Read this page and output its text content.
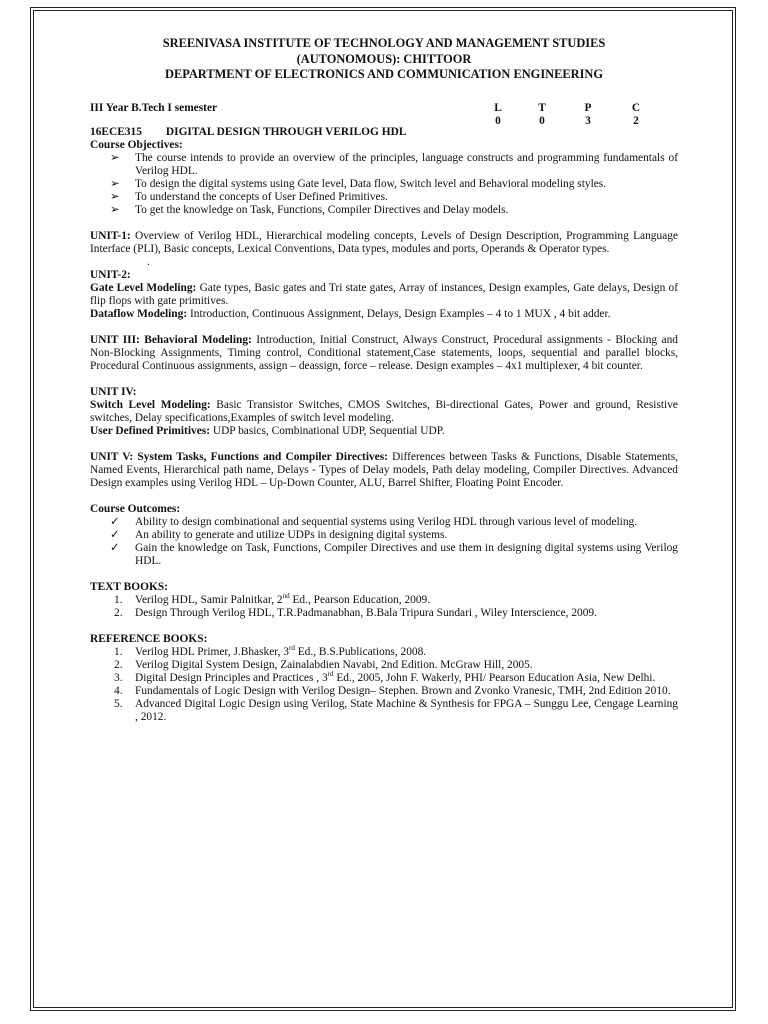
SREENIVASA INSTITUTE OF TECHNOLOGY AND MANAGEMENT STUDIES
(AUTONOMOUS): CHITTOOR
DEPARTMENT OF ELECTRONICS AND COMMUNICATION ENGINEERING
III Year B.Tech I semester	L
0
T
0
P
3
C
2
16ECE315 DIGITAL DESIGN THROUGH VERILOG HDL
Course Objectives:
➢ The course intends to provide an overview of the principles, language constructs and programming fundamentals of Verilog HDL.
➢ To design the digital systems using Gate level, Data flow, Switch level and Behavioral modeling styles.
➢ To understand the concepts of User Defined Primitives.
➢ To get the knowledge on Task, Functions, Compiler Directives and Delay models.
UNIT-1: Overview of Verilog HDL, Hierarchical modeling concepts, Levels of Design Description, Programming Language Interface (PLI), Basic concepts, Lexical Conventions, Data types, modules and ports, Operands & Operator types.
.
UNIT-2:
Gate Level Modeling: Gate types, Basic gates and Tri state gates, Array of instances, Design examples, Gate delays, Design of flip flops with gate primitives.
Dataflow Modeling: Introduction, Continuous Assignment, Delays, Design Examples – 4 to 1 MUX , 4 bit adder.
UNIT III: Behavioral Modeling: Introduction, Initial Construct, Always Construct, Procedural assignments - Blocking and Non-Blocking Assignments, Timing control, Conditional statement,Case statements, loops, sequential and parallel blocks, Procedural Continuous assignments, assign – deassign, force – release. Design examples – 4x1 multiplexer, 4 bit counter.
UNIT IV:
Switch Level Modeling: Basic Transistor Switches, CMOS Switches, Bi-directional Gates, Power and ground, Resistive switches, Delay specifications,Examples of switch level modeling.
User Defined Primitives: UDP basics, Combinational UDP, Sequential UDP.
UNIT V: System Tasks, Functions and Compiler Directives: Differences between Tasks & Functions, Disable Statements, Named Events, Hierarchical path name, Delays - Types of Delay models, Path delay modeling, Compiler Directives. Advanced Design examples using Verilog HDL – Up-Down Counter, ALU, Barrel Shifter, Floating Point Encoder.
Course Outcomes:
✓ Ability to design combinational and sequential systems using Verilog HDL through various level of modeling.
✓ An ability to generate and utilize UDPs in designing digital systems.
✓ Gain the knowledge on Task, Functions, Compiler Directives and use them in designing digital systems using Verilog HDL.
TEXT BOOKS:
1. Verilog HDL, Samir Palnitkar, 2nd Ed., Pearson Education, 2009.
2. Design Through Verilog HDL, T.R.Padmanabhan, B.Bala Tripura Sundari , Wiley Interscience, 2009.
REFERENCE BOOKS:
1. Verilog HDL Primer, J.Bhasker, 3rd Ed., B.S.Publications, 2008.
2. Verilog Digital System Design, Zainalabdien Navabi, 2nd Edition. McGraw Hill, 2005.
3. Digital Design Principles and Practices , 3rd Ed., 2005, John F. Wakerly, PHI/ Pearson Education Asia, New Delhi.
4. Fundamentals of Logic Design with Verilog Design– Stephen. Brown and Zvonko Vranesic, TMH, 2nd Edition 2010.
5. Advanced Digital Logic Design using Verilog, State Machine & Synthesis for FPGA – Sunggu Lee, Cengage Learning , 2012.
